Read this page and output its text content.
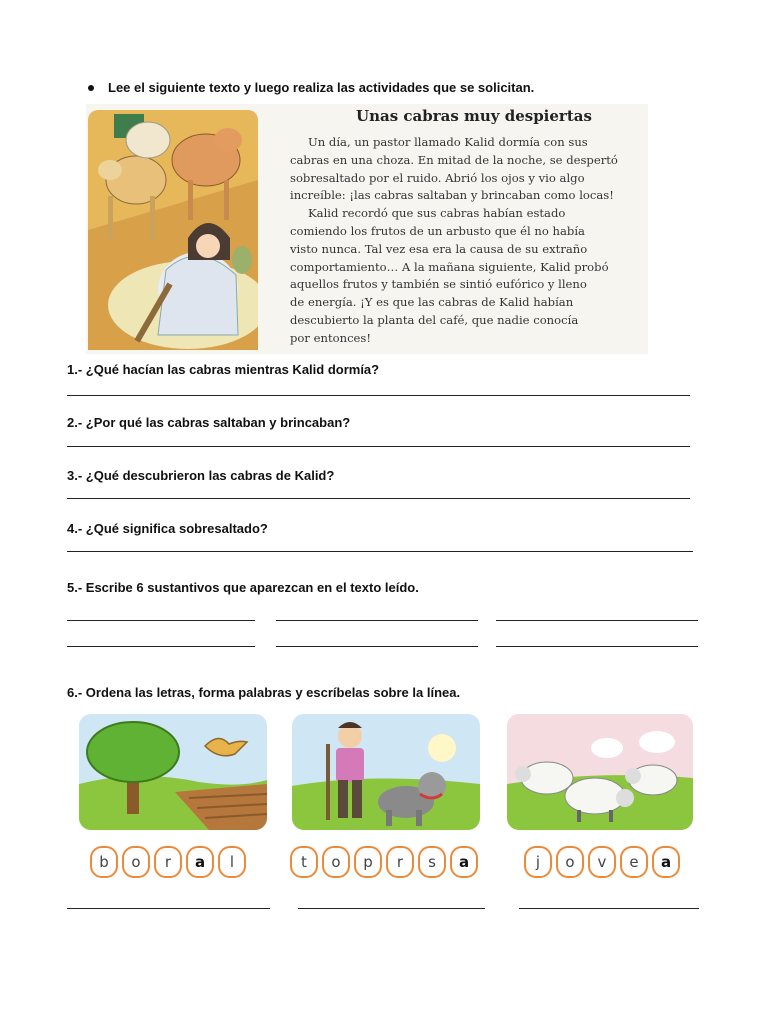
Lee el siguiente texto y luego realiza las actividades que se solicitan.
Unas cabras muy despiertas
Un día, un pastor llamado Kalid dormía con sus
cabras en una choza. En mitad de la noche, se despertó
sobresaltado por el ruido. Abrió los ojos y vio algo
increíble: ¡las cabras saltaban y brincaban como locas!
Kalid recordó que sus cabras habían estado
comiendo los frutos de un arbusto que él no había
visto nunca. Tal vez esa era la causa de su extraño
comportamiento… A la mañana siguiente, Kalid probó
aquellos frutos y también se sintió eufórico y lleno
de energía. ¡Y es que las cabras de Kalid habían
descubierto la planta del café, que nadie conocía
por entonces!
1.- ¿Qué hacían las cabras mientras Kalid dormía?
2.- ¿Por qué las cabras saltaban y brincaban?
3.- ¿Qué descubrieron las cabras de Kalid?
4.- ¿Qué significa sobresaltado?
5.- Escribe 6 sustantivos que aparezcan en el texto leído.
6.- Ordena las letras, forma palabras y escríbelas sobre la línea.
b	o	r	a	l	t	o	p	r	s	a	j	o	v	e	a
